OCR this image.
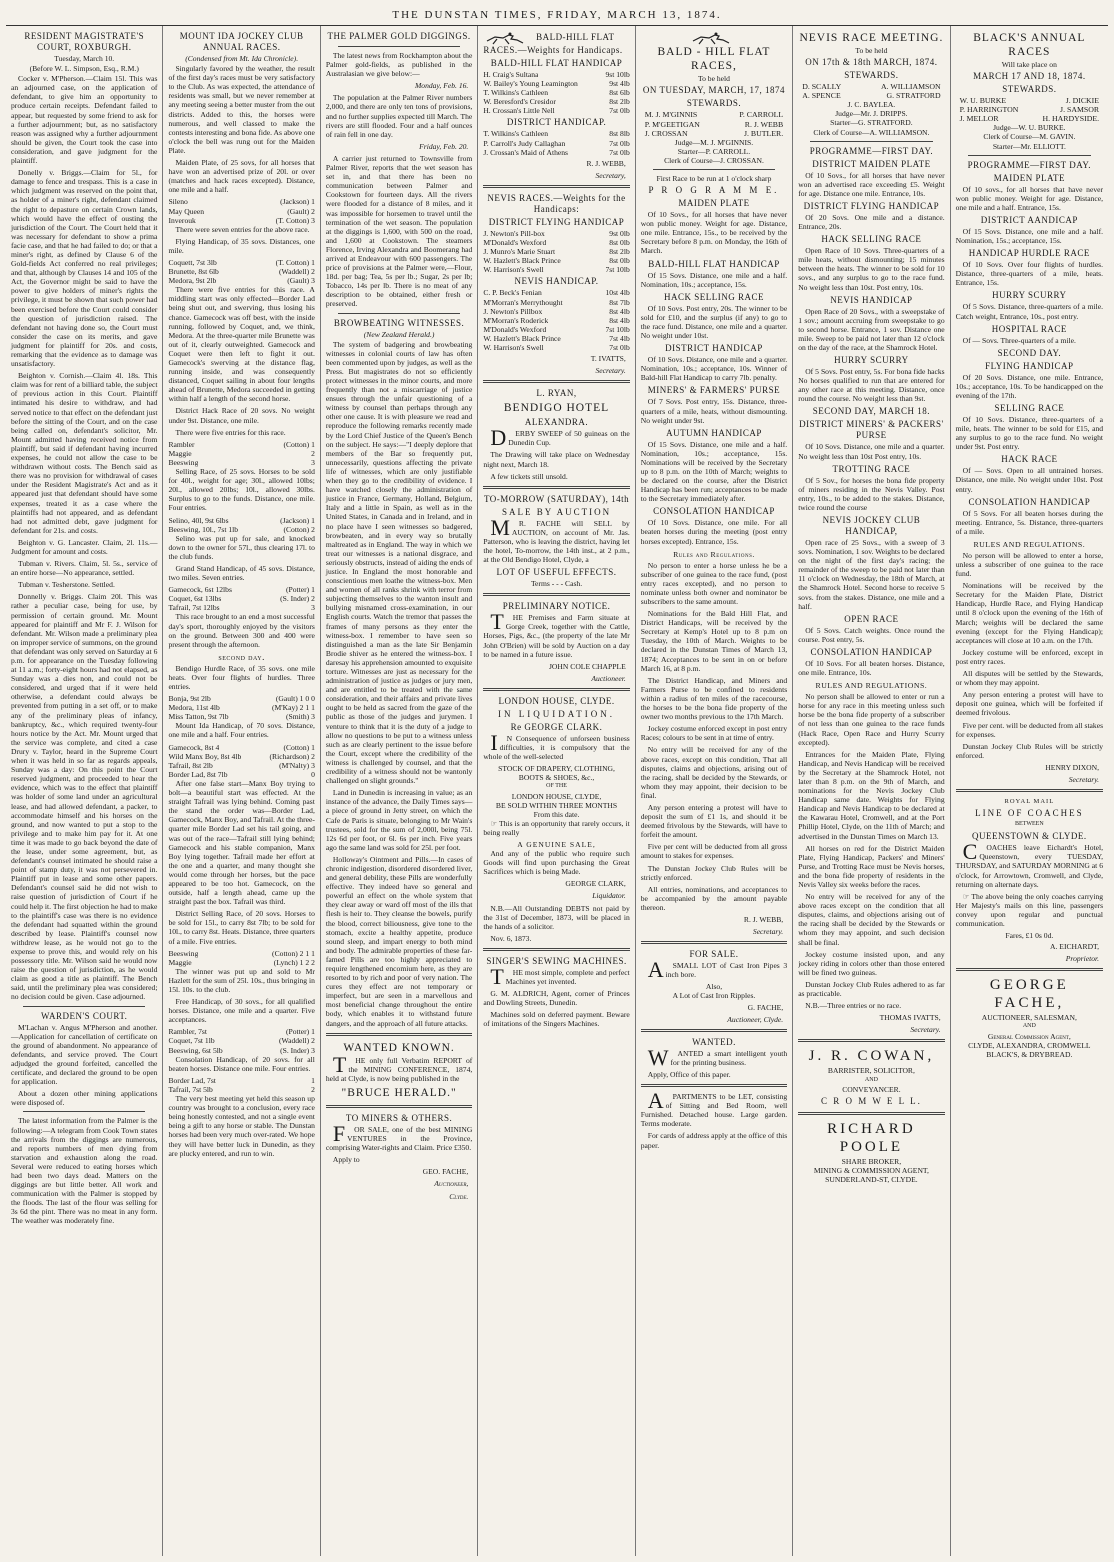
THE DUNSTAN TIMES, FRIDAY, MARCH 13, 1874.
RESIDENT MAGISTRATE'S COURT, ROXBURGH.
Tuesday, March 10.
(Before W. L. Simpson, Esq., R.M.)

Cocker v. M'Pherson.—Claim 15l. This was an adjourned case, on the application of defendant, to give him an opportunity to produce certain receipts. Defendant failed to appear, but requested by some friend to ask for a further adjournment; but, as no satisfactory reason was assigned why a further adjournment should be given, the Court took the case into consideration, and gave judgment for the plaintiff.

Donelly v. Briggs.—Claim for 5l., for damage to fence and trespass. This is a case in which judgment was reserved on the point that, as holder of a miner's right, defendant claimed the right to depasture on certain Crown lands, which would have the effect of ousting the jurisdiction of the Court. The Court held that it was necessary for defendant to show a prima facie case, and that he had failed to do; or that a miner's right, as defined by Clause 6 of the Gold-fields Act conferred no real privileges; and that, although by Clauses 14 and 105 of the Act, the Governor might be said to have the power to give holders of miner's rights the privilege, it must be shown that such power had been exercised before the Court could consider the question of jurisdiction raised. The defendant not having done so, the Court must consider the case on its merits, and gave judgment for plaintiff for 20s. and costs, remarking that the evidence as to damage was unsatisfactory.

Beighton v. Cornish.—Claim 4l. 18s. This claim was for rent of a billiard table, the subject of previous action in this Court. Plaintiff intimated his desire to withdraw, and had served notice to that effect on the defendant just before the sitting of the Court, and on the case being called on, defendant's solicitor, Mr. Mount admitted having received notice from plaintiff, but said if defendant having incurred expenses, he could not allow the case to be withdrawn without costs. The Bench said as there was no provision for withdrawal of cases under the Resident Magistrate's Act and as it appeared just that defendant should have some expenses, treated it as a case where the plaintiffs had not appeared, and as defendant had not admitted debt, gave judgment for defendant for 21s. and costs.

Beighton v. G. Lancaster. Claim, 2l. 11s.—Judgment for amount and costs.

Tubman v. Rivers. Claim, 5l. 5s., service of an entire horse—No appearance, settled.

Tubman v. Tesherstone. Settled.

Donnelly v. Briggs. Claim 20l. This was rather a peculiar case, being for use, by permission of certain ground. Mr. Mount appeared for plaintiff and Mr F. J. Wilson for defendant. Mr. Wilson made a preliminary plea on improper service of summons, on the ground that defendant was only served on Saturday at 6 p.m. for appearance on the Tuesday following at 11 a.m.; forty-eight hours had not elapsed, as Sunday was a dies non, and could not be considered, and urged that if it were held otherwise, a defendant could always be prevented from putting in a set off, or to make any of the preliminary pleas of infancy, bankruptcy, &c., which required twenty-four hours notice by the Act. Mr. Mount urged that the service was complete, and cited a case Drury v. Taylor, heard in the Supreme Court when it was held in so far as regards appeals, Sunday was a day: On this point the Court reserved judgment, and proceeded to hear the evidence, which was to the effect that plaintiff was holder of some land under an agricultural lease, and had allowed defendant, a packer, to accommodate himself and his horses on the ground, and now wanted to put a stop to the privilege and to make him pay for it. At one time it was made to go back beyond the date of the lease, under some agreement, but, as defendant's counsel intimated he should raise a point of stamp duty, it was not persevered in. Plaintiff put in lease and some other papers. Defendant's counsel said he did not wish to raise question of jurisdiction of Court if he could help it. The first objection he had to make to the plaintiff's case was there is no evidence the defendant had squatted within the ground described by lease. Plaintiff's counsel now withdrew lease, as he would not go to the expense to prove this, and would rely on his possessory title. Mr. Wilson said he would now raise the question of jurisdiction, as he would claim as good a title as plaintiff. The Bench said, until the preliminary plea was considered; no decision could be given. Case adjourned.

WARDEN'S COURT.

M'Lachan v. Angus M'Pherson and another.—Application for cancellation of certificate on the ground of abandonment. No appearance of defendants, and service proved. The Court adjudged the ground forfeited, cancelled the certificate, and declared the ground to be open for application.

About a dozen other mining applications were disposed of.

The latest information from the Palmer is the following:—A telegram from Cook Town states the arrivals from the diggings are numerous, and reports numbers of men dying from starvation and exhaustion along the road. Several were reduced to eating horses which had been two days dead. Matters on the diggings are but little better. All work and communication with the Palmer is stopped by the floods. The last of the flour was selling for 3s 6d the pint. There was no meat in any form. The weather was moderately fine.

MOUNT IDA JOCKEY CLUB ANNUAL RACES.
(Condensed from Mt. Ida Chronicle).

Singularly favored by the weather, the result of the first day's races must be very satisfactory to the Club. As was expected, the attendance of residents was small, but we never remember at any meeting seeing a better muster from the out districts. Added to this, the horses were numerous, and well classed to make the contests interesting and bona fide. As above one o'clock the bell was rung out for the Maiden Plate.

Maiden Plate, of 25 sovs, for all horses that have won an advertised prize of 20l. or over (matches and hack races excepted). Distance, one mile and a half.

Sileno	(Jackson) 1
May Queen	(Gault) 2
Inverouk	(T. Cotton) 3

There were seven entries for the above race.

Flying Handicap, of 35 sovs. Distances, one mile.

Coquett, 7st 3lb	(T. Cotton) 1
Brunette, 8st 6lb	(Waddell) 2
Medora, 9st 2lb	(Gault) 3

There were five entries for this race. A middling start was only effected—Border Lad being shut out, and swerving, thus losing his chance. Gamecock was off best, with the inside running, followed by Coquet, and, we think, Medora. At the three-quarter mile Brunette was out of it, clearly outweighted. Gamecock and Coquet were then left to fight it out. Gamecock's swerving at the distance flag, running inside, and was consequently distanced, Coquet sailing in about four lengths ahead of Brunette, Medora succeeded in getting within half a length of the second horse.

District Hack Race of 20 sovs. No weight under 9st. Distance, one mile.

There were five entries for this race.

Rambler	(Cotton) 1
Maggie	2
Beeswing	3

Selling Race, of 25 sovs. Horses to be sold for 40l., weight for age; 30l., allowed 10lbs; 20l., allowed 20lbs; 10l., allowed 30lbs. Surplus to go to the funds. Distance, one mile. Four entries.

Selino, 40l, 9st 6lbs	(Jackson) 1
Beeswing, 10l., 7st 1lb	(Cotton) 2

Selino was put up for sale, and knocked down to the owner for 57l., thus clearing 17l. to the club funds.

Grand Stand Handicap, of 45 sovs. Distance, two miles. Seven entries.

Gamecock, 6st 12lbs	(Potter) 1
Coquet, 6st 13lbs	(S. Inder) 2
Tafrail, 7st 12lbs	3

This race brought to an end a most successful day's sport, thoroughly enjoyed by the visitors on the ground. Between 300 and 400 were present through the afternoon.

second day.

Bendigo Hurdle Race, of 35 sovs. one mile heats. Over four flights of hurdles. Three entries.

Bonja, 9st 2lb	(Gault) 1 0 0
Medora, 11st 4lb	(M'Kay) 2 1 1
Miss Tatton, 9st 7lb	(Smith) 3

Mount Ida Handicap, of 70 sovs. Distance, one mile and a half. Four entries.

Gamecock, 8st 4	(Cotton) 1
Wild Manx Boy, 8st 4lb	(Richardson) 2
Tafrail, 8st 2lb	(M'Nalty) 3
Border Lad, 8st 7lb	0

After one false start—Manx Boy trying to bolt—a beautiful start was effected. At the straight Tafrail was lying behind. Coming past the stand the order was—Border Lad, Gamecock, Manx Boy, and Tafrail. At the three-quarter mile Border Lad set his tail going, and was out of the race—Tafrail still lying behind; Gamecock and his stable companion, Manx Boy lying together. Tafrail made her effort at the one and a quarter, and many thought she would come through her horses, but the pace appeared to be too hot. Gamecock, on the outside, half a length ahead, came up the straight past the box. Tafrail was third.

District Selling Race, of 20 sovs. Horses to be sold for 15l., to carry 8st 7lb; to be sold for 10l., to carry 8st. Heats. Distance, three quarters of a mile. Five entries.

Beeswing	(Cotton) 2 1 1
Maggie	(Lynch) 1 2 2

The winner was put up and sold to Mr Hazlett for the sum of 25l. 10s., thus bringing in 15l. 10s. to the club.

Free Handicap, of 30 sovs., for all qualified horses. Distance, one mile and a quarter. Five acceptances.

Rambler, 7st	(Potter) 1
Coquet, 7st 1lb	(Waddell) 2
Beeswing, 6st 5lb	(S. Inder) 3

Consolation Handicap, of 20 sovs. for all beaten horses. Distance one mile. Four entries.

Border Lad, 7st	1
Tafrail, 7st 5lb	2

The very best meeting yet held this season up country was brought to a conclusion, every race being honestly contested, and not a single event being a gift to any horse or stable. The Dunstan horses had been very much over-rated. We hope they will have better luck in Dunedin, as they are plucky entered, and run to win.

THE PALMER GOLD DIGGINGS.

The latest news from Rockhampton about the Palmer gold-fields, as published in the Australasian we give below:—

Monday, Feb. 16.

The population at the Palmer River numbers 2,000, and there are only ten tons of provisions, and no further supplies expected till March. The rivers are still flooded. Four and a half ounces of rain fell in one day.

Friday, Feb. 20.

A carrier just returned to Townsville from Palmer River, reports that the wet season has set in, and that there has been no communication between Palmer and Cookstown for fourteen days. All the rivers were flooded for a distance of 8 miles, and it was impossible for horsemen to travel until the termination of the wet season. The population at the diggings is 1,600, with 500 on the road, and 1,600 at Cookstown. The steamers Florence, Irving Alexandra and Boomerang had arrived at Endeavour with 600 passengers. The price of provisions at the Palmer were,—Flour, 18d. per bag; Tea, 5s per lb.; Sugar, 2s per lb; Tobacco, 14s per lb. There is no meat of any description to be obtained, either fresh or preserved.

BROWBEATING WITNESSES.
(New Zealand Herald.)

The system of badgering and browbeating witnesses in colonial courts of law has often been commented upon by judges, as well as the Press. But magistrates do not so efficiently protect witnesses in the minor courts, and more frequently than not a miscarriage of justice ensues through the unfair questioning of a witness by counsel than perhaps through any other one cause. It is with pleasure we read and reproduce the following remarks recently made by the Lord Chief Justice of the Queen's Bench on the subject. He says:—"I deeply deplore that members of the Bar so frequently put, unnecessarily, questions affecting the private life of witnesses, which are only justifiable when they go to the credibility of evidence. I have watched closely the administration of justice in France, Germany, Holland, Belgium, Italy and a little in Spain, as well as in the United States, in Canada and in Ireland, and in no place have I seen witnesses so badgered, browbeaten, and in every way so brutally maltreated as in England. The way in which we treat our witnesses is a national disgrace, and seriously obstructs, instead of aiding the ends of justice. In England the most honorable and conscientious men loathe the witness-box. Men and women of all ranks shrink with terror from subjecting themselves to the wanton insult and bullying misnamed cross-examination, in our English courts. Watch the tremor that passes the frames of many persons as they enter the witness-box. I remember to have seen so distinguished a man as the late Sir Benjamin Brodie shiver as he entered the witness-box. I daresay his apprehension amounted to exquisite torture. Witnesses are just as necessary for the administration of justice as judges or jury men, and are entitled to be treated with the same consideration, and their affairs and private lives ought to be held as sacred from the gaze of the public as those of the judges and jurymen. I venture to think that it is the duty of a judge to allow no questions to be put to a witness unless such as are clearly pertinent to the issue before the Court, except where the credibility of the witness is challenged by counsel, and that the credibility of a witness should not be wantonly challenged on slight grounds."

Land in Dunedin is increasing in value; as an instance of the advance, the Daily Times says—a piece of ground in Jetty street, on which the Cafe de Paris is situate, belonging to Mr Wain's trustees, sold for the sum of 2,000l, being 75l. 12s 6d per foot, or 6l. 6s per inch. Five years ago the same land was sold for 25l. per foot.

Holloway's Ointment and Pills.—In cases of chronic indigestion, disordered disordered liver, and general debility, these Pills are wonderfully effective. They indeed have so general and powerful an effect on the whole system that they clear away or ward off most of the ills that flesh is heir to. They cleanse the bowels, purify the blood, correct biliousness, give tone to the stomach, excite a healthy appetite, produce sound sleep, and impart energy to both mind and body. The admirable properties of these far-famed Pills are too highly appreciated to require lengthened encomium here, as they are resorted to by rich and poor of very nation. The cures they effect are not temporary or imperfect, but are seen in a marvellous and most beneficial change throughout the entire body, which enables it to withstand future dangers, and the approach of all future attacks.

WANTED KNOWN.

THE only full Verbatim REPORT of the MINING CONFERENCE, 1874, held at Clyde, is now being published in the

"BRUCE HERALD."
TO MINERS & OTHERS.

FOR SALE, one of the best MINING VENTURES in the Province, comprising Water-rights and Claim. Price £350.

Apply to

GEO. FACHE,
Auctioneer,
Clyde.
BALD-HILL FLAT RACES.—Weights for Handicaps.
BALD-HILL FLAT HANDICAP
H. Craig's Sultana	9st 10lb
W. Bailey's Young Leamington	9st 4lb
T. Wilkins's Cathleen	8st 6lb
W. Beresford's Cresidor	8st 2lb
H. Crossan's Little Nell	7st 0lb
DISTRICT HANDICAP.
T. Wilkins's Cathleen	8st 8lb
P. Carroll's Judy Callaghan	7st 0lb
J. Crossan's Maid of Athens	7st 0lb
R. J. WEBB,
Secretary,
NEVIS RACES.—Weights for the Handicaps:
DISTRICT FLYING HANDICAP
J. Newton's Pill-box	9st 0lb
M'Donald's Wexford	8st 0lb
J. Munro's Marie Stuart	8st 2lb
W. Hazlett's Black Prince	8st 0lb
W. Harrison's Swell	7st 10lb
NEVIS HANDICAP.
C. P. Beck's Fenian	10st 4lb
M'Morran's Merrythought	8st 7lb
J. Newton's Pillbox	8st 4lb
M'Morran's Roderick	8st 4lb
M'Donald's Wexford	7st 10lb
W. Hazlett's Black Prince	7st 4lb
W. Harrison's Swell	7st 0lb
T. IVATTS,
Secretary.
L. RYAN,
BENDIGO HOTEL
ALEXANDRA.

DERBY SWEEP of 50 guineas on the Dunedin Cup.

The Drawing will take place on Wednesday night next, March 18.

A few tickets still unsold.

TO-MORROW (SATURDAY), 14th
SALE BY AUCTION

MR. FACHE will SELL by AUCTION, on account of Mr. Jas. Patterson, who is leaving the district, having let the hotel, To-morrow, the 14th inst., at 2 p.m., at the Old Bendigo Hotel, Clyde, a

LOT OF USEFUL EFFECTS.
Terms - - - Cash.
PRELIMINARY NOTICE.

THE Premises and Farm situate at Gorge Creek, together with the Cattle, Horses, Pigs, &c., (the property of the late Mr John O'Brien) will be sold by Auction on a day to be named in a future issue.

JOHN COLE CHAPPLE
Auctioneer.
LONDON HOUSE, CLYDE.
IN LIQUIDATION.
Re GEORGE CLARK.

IN Consequence of unforseen business difficulties, it is compulsory that the whole of the well-selected

STOCK OF DRAPERY, CLOTHING,
BOOTS & SHOES, &c.,
OF THE
LONDON HOUSE, CLYDE,
BE SOLD WITHIN THREE MONTHS
From this date.

☞ This is an opportunity that rarely occurs, it being really

A GENUINE SALE,

And any of the public who require such Goods will find upon purchasing the Great Sacrifices which is being Made.

GEORGE CLARK,
Liquidator.

N.B.—All Outstanding DEBTS not paid by the 31st of December, 1873, will be placed in the hands of a solicitor.

Nov. 6, 1873.

SINGER'S SEWING MACHINES.

THE most simple, complete and perfect Machines yet invented.

G. M. ALDRICH, Agent, corner of Princes and Dowling Streets, Dunedin.

Machines sold on deferred payment. Beware of imitations of the Singers Machines.

BALD - HILL FLAT RACES,
To be held
ON TUESDAY, MARCH, 17, 1874
STEWARDS.
M. J. M'GINNIS	P. CARROLL
P. M'GEETIGAN	R. J. WEBB
J. CROSSAN	J. BUTLER.
Judge—M. J. M'GINNIS.
Starter—P. CARROLL.
Clerk of Course—J. CROSSAN.
First Race to be run at 1 o'clock sharp
P R O G R A M M E.
MAIDEN PLATE

Of 10 Sovs., for all horses that have never won public money. Weight for age. Distance, one mile. Entrance, 15s., to be received by the Secretary before 8 p.m. on Monday, the 16th of March.

BALD-HILL FLAT HANDICAP

Of 15 Sovs. Distance, one mile and a half. Nomination, 10s.; acceptance, 15s.

HACK SELLING RACE

Of 10 Sovs. Post entry, 20s. The winner to be sold for £10, and the surplus (if any) to go to the race fund. Distance, one mile and a quarter. No weight under 10st.

DISTRICT HANDICAP

Of 10 Sovs. Distance, one mile and a quarter. Nomination, 10s.; acceptance, 10s. Winner of Bald-hill Flat Handicap to carry 7lb. penalty.

MINERS' & FARMERS' PURSE

Of 7 Sovs. Post entry, 15s. Distance, three-quarters of a mile, heats, without dismounting. No weight under 9st.

AUTUMN HANDICAP

Of 15 Sovs. Distance, one mile and a half. Nomination, 10s.; acceptance, 15s. Nominations will be received by the Secretary up to 8 p.m. on the 10th of March; weights to be declared on the course, after the District Handicap has been run; acceptances to be made to the Secretary immediately after.

CONSOLATION HANDICAP

Of 10 Sovs. Distance, one mile. For all beaten horses during the meeting (post entry horses excepted). Entrance, 15s.

Rules and Regulations.

No person to enter a horse unless he be a subscriber of one guinea to the race fund, (post entry races excepted), and no person to nominate unless both owner and nominator be subscribers to the same amount.

Nominations for the Bald Hill Flat, and District Handicaps, will be received by the Secretary at Kemp's Hotel up to 8 p.m on Tuesday, the 10th of March. Weights to be declared in the Dunstan Times of March 13, 1874; Acceptances to be sent in on or before March 16, at 8 p.m.

The District Handicap, and Miners and Farmers Purse to be confined to residents within a radius of ten miles of the racecourse, the horses to be the bona fide property of the owner two months previous to the 17th March.

Jockey costume enforced except in post entry Races; colours to be sent in at time of entry.

No entry will be received for any of the above races, except on this condition, That all disputes, claims and objections, arising out of the racing, shall be decided by the Stewards, or whom they may appoint, their decision to be final.

Any person entering a protest will have to deposit the sum of £1 1s, and should it be deemed frivolous by the Stewards, will have to forfeit the amount.

Five per cent will be deducted from all gross amount to stakes for expenses.

The Dunstan Jockey Club Rules will be strictly enforced.

All entries, nominations, and acceptances to be accompanied by the amount payable thereon.

R. J. WEBB,
Secretary.
FOR SALE.

ASMALL LOT of Cast Iron Pipes 3 inch bore.

Also,
A Lot of Cast Iron Ripples.
G. FACHE,
Auctioneer, Clyde.
WANTED.

WANTED a smart intelligent youth for the printing business.

Apply, Office of this paper.

APARTMENTS to be LET, consisting of Sitting and Bed Room, well Furnished. Detached house. Large garden. Terms moderate.

For cards of address apply at the office of this paper.

NEVIS RACE MEETING.
To be held
ON 17th & 18th MARCH, 1874.
STEWARDS.
D. SCALLY	A. WILLIAMSON
A. SPENCE	G. STRATFORD
J. C. BAYLEA.
Judge—Mr. J. DRIPPS.
Starter—G. STRATFORD.
Clerk of Course—A. WILLIAMSON.
PROGRAMME—FIRST DAY.
DISTRICT MAIDEN PLATE

Of 10 Sovs., for all horses that have never won an advertised race exceeding £5. Weight for age. Distance one mile. Entrance, 10s.

DISTRICT FLYING HANDICAP

Of 20 Sovs. One mile and a distance. Entrance, 20s.

HACK SELLING RACE

Open Race of 10 Sovs. Three-quarters of a mile heats, without dismounting; 15 minutes between the heats. The winner to be sold for 10 sovs., and any surplus to go to the race fund. No weight less than 10st. Post entry, 10s.

NEVIS HANDICAP

Open Race of 20 Sovs., with a sweepstake of 1 sov.; amount accruing from sweepstake to go to second horse. Entrance, 1 sov. Distance one mile. Sweep to be paid not later than 12 o'clock on the day of the race, at the Shamrock Hotel.

HURRY SCURRY

Of 5 Sovs. Post entry, 5s. For bona fide hacks No horses qualified to run that are entered for any other race at this meeting. Distance, once round the course. No weight less than 9st.

SECOND DAY, MARCH 18.
DISTRICT MINERS' & PACKERS' PURSE

Of 10 Sovs. Distance, one mile and a quarter. No weight less than 10st Post entry, 10s.

TROTTING RACE

Of 5 Sov., for horses the bona fide property of miners residing in the Nevis Valley. Post entry, 10s., to be added to the stakes. Distance, twice round the course

NEVIS JOCKEY CLUB HANDICAP,

Open race of 25 Sovs., with a sweep of 3 sovs. Nomination, 1 sov. Weights to be declared on the night of the first day's racing; the remainder of the sweep to be paid not later than 11 o'clock on Wednesday, the 18th of March, at the Shamrock Hotel. Second horse to receive 5 sovs. from the stakes. Distance, one mile and a half.

OPEN RACE

Of 5 Sovs. Catch weights. Once round the course. Post entry, 5s.

CONSOLATION HANDICAP

Of 10 Sovs. For all beaten horses. Distance, one mile. Entrance, 10s.

RULES AND REGULATIONS.

No person shall be allowed to enter or run a horse for any race in this meeting unless such horse be the bona fide property of a subscriber of not less than one guinea to the race funds (Hack Race, Open Race and Hurry Scurry excepted).

Entrances for the Maiden Plate, Flying Handicap, and Nevis Handicap will be received by the Secretary at the Shamrock Hotel, not later than 8 p.m. on the 9th of March, and nominations for the Nevis Jockey Club Handicap same date. Weights for Flying Handicap and Nevis Handicap to be declared at the Kawarau Hotel, Cromwell, and at the Port Phillip Hotel, Clyde, on the 11th of March; and advertised in the Dunstan Times on March 13.

All horses on red for the District Maiden Plate, Flying Handicap, Packers' and Miners' Purse, and Trotting Race must be Nevis horses, and the bona fide property of residents in the Nevis Valley six weeks before the races.

No entry will be received for any of the above races except on the condition that all disputes, claims, and objections arising out of the racing shall be decided by the Stewards or whom they may appoint, and such decision shall be final.

Jockey costume insisted upon, and any jockey riding in colors other than those entered will be fined two guineas.

Dunstan Jockey Club Rules adhered to as far as practicable.

N.B.—Three entries or no race.

THOMAS IVATTS,
Secretary.
J. R. COWAN,
BARRISTER, SOLICITOR,
AND
CONVEYANCER.
C R O M W E L L.
RICHARD POOLE
SHARE BROKER,
MINING & COMMISSION AGENT,
SUNDERLAND-ST, CLYDE.
BLACK'S ANNUAL RACES
Will take place on
MARCH 17 AND 18, 1874.
STEWARDS.
W. U. BURKE	J. DICKIE
P. HARRINGTON	J. SAMSOR
J. MELLOR	H. HARDYSIDE.
Judge—W. U. BURKE.
Clerk of Course—M. GAVIN.
Starter—Mr. ELLIOTT.
PROGRAMME—FIRST DAY.
MAIDEN PLATE

Of 10 sovs., for all horses that have never won public money. Weight for age. Distance, one mile and a half. Entrance, 15s.

DISTRICT AANDICAP

Of 15 Sovs. Distance, one mile and a half. Nomination, 15s.; acceptance, 15s.

HANDICAP HURDLE RACE

Of 10 Sovs. Over four flights of hurdles. Distance, three-quarters of a mile, heats. Entrance, 15s.

HURRY SCURRY

Of 5 Sovs. Distance, three-quarters of a mile. Catch weight, Entrance, 10s., post entry.

HOSPITAL RACE

Of — Sovs. Three-quarters of a mile.

SECOND DAY.
FLYING HANDICAP

Of 20 Sovs. Distance, one mile. Entrance, 10s.; acceptance, 10s. To be handicapped on the evening of the 17th.

SELLING RACE

Of 10 Sovs. Distance, three-quarters of a mile, heats. The winner to be sold for £15, and any surplus to go to the race fund. No weight under 9st. Post entry.

HACK RACE

Of — Sovs. Open to all untrained horses. Distance, one mile. No weight under 10st. Post entry.

CONSOLATION HANDICAP

Of 5 Sovs. For all beaten horses during the meeting. Entrance, 5s. Distance, three-quarters of a mile.

RULES AND REGULATIONS.

No person will be allowed to enter a horse, unless a subscriber of one guinea to the race fund.

Nominations will be received by the Secretary for the Maiden Plate, District Handicap, Hurdle Race, and Flying Handicap until 8 o'clock upon the evening of the 16th of March; weights will be declared the same evening (except for the Flying Handicap); acceptances will close at 10 a.m. on the 17th.

Jockey costume will be enforced, except in post entry races.

All disputes will be settled by the Stewards, or whom they may appoint.

Any person entering a protest will have to deposit one guinea, which will be forfeited if deemed frivolous.

Five per cent. will be deducted from all stakes for expenses.

Dunstan Jockey Club Rules will be strictly enforced.

HENRY DIXON,
Secretary.
ROYAL MAIL
LINE OF COACHES
BETWEEN
QUEENSTOWN & CLYDE.

COACHES leave Eichardt's Hotel, Queenstown, every TUESDAY, THURSDAY, and SATURDAY MORNING at 6 o'clock, for Arrowtown, Cromwell, and Clyde, returning on alternate days.

☞ The above being the only coaches carrying Her Majesty's mails on this line, passengers convey upon regular and punctual communication.

Fares, £1 0s 0d.
A. EICHARDT,
Proprietor.
GEORGE FACHE,
AUCTIONEER, SALESMAN,
AND
General Commission Agent,
CLYDE, ALEXANDRA, CROMWELL
BLACK'S, & DRYBREAD.
